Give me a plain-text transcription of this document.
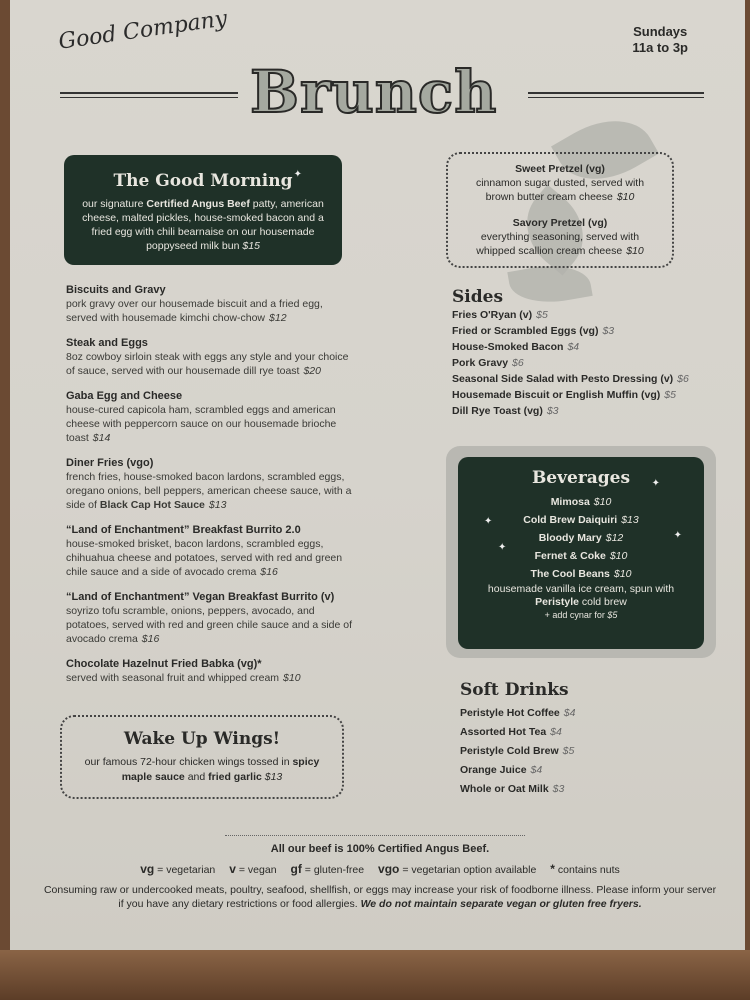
Good Company	Sundays
11a to 3p
Brunch
The Good Morning

our signature Certified Angus Beef patty, american cheese, malted pickles, house-smoked bacon and a fried egg with chili bearnaise on our housemade poppyseed milk bun $15

✦
Biscuits and Gravy
pork gravy over our housemade biscuit and a fried egg, served with housemade kimchi chow-chow $12
Steak and Eggs
8oz cowboy sirloin steak with eggs any style and your choice of sauce, served with our housemade dill rye toast $20
Gaba Egg and Cheese
house-cured capicola ham, scrambled eggs and american cheese with peppercorn sauce on our housemade brioche toast $14
Diner Fries (vgo)
french fries, house-smoked bacon lardons, scrambled eggs, oregano onions, bell peppers, american cheese sauce, with a side of Black Cap Hot Sauce $13
“Land of Enchantment” Breakfast Burrito 2.0
house-smoked brisket, bacon lardons, scrambled eggs, chihuahua cheese and potatoes, served with red and green chile sauce and a side of avocado crema $16
“Land of Enchantment” Vegan Breakfast Burrito (v)
soyrizo tofu scramble, onions, peppers, avocado, and potatoes, served with red and green chile sauce and a side of avocado crema $16
Chocolate Hazelnut Fried Babka (vg)*
served with seasonal fruit and whipped cream $10
Wake Up Wings!
our famous 72-hour chicken wings tossed in spicy maple sauce and fried garlic $13
Sweet Pretzel (vg)
cinnamon sugar dusted, served with brown butter cream cheese $10
Savory Pretzel (vg)
everything seasoning, served with whipped scallion cream cheese $10
Sides
Fries O'Ryan (v) $5
Fried or Scrambled Eggs (vg) $3
House-Smoked Bacon $4
Pork Gravy $6
Seasonal Side Salad with Pesto Dressing (v) $6
Housemade Biscuit or English Muffin (vg) $5
Dill Rye Toast (vg) $3
Beverages
Mimosa $10
Cold Brew Daiquiri $13
Bloody Mary $12
Fernet & Coke $10
The Cool Beans $10
housemade vanilla ice cream, spun with Peristyle cold brew
+ add cynar for $5
✦
✦
✦
✦
Soft Drinks
Peristyle Hot Coffee $4
Assorted Hot Tea $4
Peristyle Cold Brew $5
Orange Juice $4
Whole or Oat Milk $3
All our beef is 100% Certified Angus Beef.
vg = vegetarian v = vegan gf = gluten-free vgo = vegetarian option available * contains nuts
Consuming raw or undercooked meats, poultry, seafood, shellfish, or eggs may increase your risk of foodborne illness. Please inform your server if you have any dietary restrictions or food allergies. We do not maintain separate vegan or gluten free fryers.
